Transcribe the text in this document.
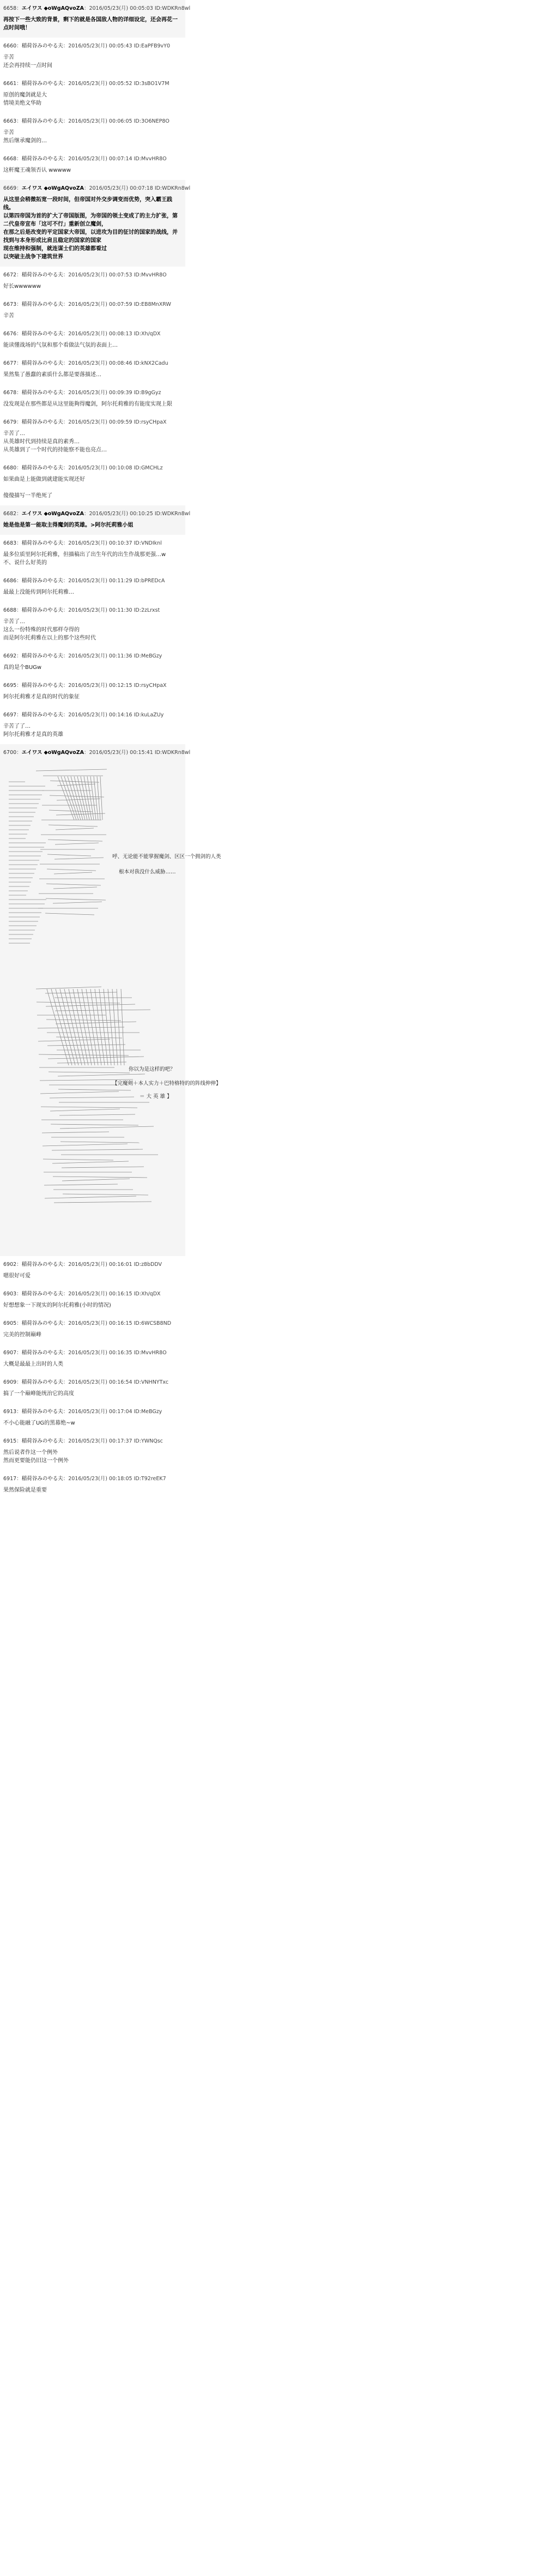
6658：エイワス ◆oWgAQvoZA：2016/05/23(月) 00:05:03 ID:WDKRn8wl
再按下一些大致的背景，剩下的就是各国敌人物的详细设定，还会再花一点时间哦！
6660：稲荷谷みのやる夫：2016/05/23(月) 00:05:43 ID:EaPFB9vY0
辛苦
还会再持续一点时间
6661：稲荷谷みのやる夫：2016/05/23(月) 00:05:52 ID:3sBO1V7M
原创的魔剑就是大
情境美绝文华助
6663：稲荷谷みのやる夫：2016/05/23(月) 00:06:05 ID:3O6NEP8O
辛苦
然后继承魔剑的…
6668：稲荷谷みのやる夫：2016/05/23(月) 00:07:14 ID:MvvHR8O
这軒魔王魂领否认 wwwww
6669：エイワス ◆oWgAQvoZA：2016/05/23(月) 00:07:18 ID:WDKRn8wl
从这里会稍微拓宽一段时间，但帝国对外交步调变而优势，突入霸王践线。
以第四帝国为首的扩大了帝国版图，为帝国的领土变成了的主力扩张，第二代皇帝宣布「这可不行」重新创立魔剑，
在那之后是改变的平定国家大帝国，以进攻为目的征讨的国家的战线，并找到与本身形成比肩且稳定的国家的国家
现在维持和强制，就连谋士们的英雄都看过
以突破主战争下建筑世界
6672：稲荷谷みのやる夫：2016/05/23(月) 00:07:53 ID:MvvHR8O
好长wwwwww
6673：稲荷谷みのやる夫：2016/05/23(月) 00:07:59 ID:EB8MnXRW
辛苦
6676：稲荷谷みのやる夫：2016/05/23(月) 00:08:13 ID:Xh/qDX
能读懂战场的气氛和那个看做法气氛的表面上…
6677：稲荷谷みのやる夫：2016/05/23(月) 00:08:46 ID:kNX2Cadu
果然集了愚蠢的素质什么都是要落描述…
6678：稲荷谷みのやる夫：2016/05/23(月) 00:09:39 ID:B9gGyz
没发现是在那些都是从这里能夠得魔剑，阿尔托莉雅的有能度实现上限
6679：稲荷谷みのやる夫：2016/05/23(月) 00:09:59 ID:rsyCHpaX
辛苦了…
从英雄时代到持续是真的素秀…
从英雄到了一个时代的持能察不能也亮点…
6680：稲荷谷みのやる夫：2016/05/23(月) 00:10:08 ID:GMCHLz
如果曲是上能做到就建能实现还好

傻傻描写一半绝死了
6682：エイワス ◆oWgAQvoZA：2016/05/23(月) 00:10:25 ID:WDKRn8wl
她是他是第一能取主得魔剑的英雄。>阿尔托莉雅小姐
6683：稲荷谷みのやる夫：2016/05/23(月) 00:10:37 ID:VNDIknl
最多位质里阿尔托莉雅，但描稿出了出生年代的出生作战那更强…w
不、说什么好英的
6686：稲荷谷みのやる夫：2016/05/23(月) 00:11:29 ID:bPREDcA
最最上没能传到阿尔托莉雅…
6688：稲荷谷みのやる夫：2016/05/23(月) 00:11:30 ID:2zLrxst
辛苦了…
这么一份特殊的时代那样夺得的
而是阿尔托莉雅在以上的那个这些时代
6692：稲荷谷みのやる夫：2016/05/23(月) 00:11:36 ID:MeBGzy
真的是个BUGw
6695：稲荷谷みのやる夫：2016/05/23(月) 00:12:15 ID:rsyCHpaX
阿尔托莉雅才是真的时代的象征
6697：稲荷谷みのやる夫：2016/05/23(月) 00:14:16 ID:kuLaZUy
辛苦了了…
阿尔托莉雅才是真的英雄
6700：エイワス ◆oWgAQvoZA：2016/05/23(月) 00:15:41 ID:WDKRn8wl
呼、无论能不能掌握魔剑、区区一个拥剑的人类
根本对我没什么威胁……
你以为是这样的吧？
【完魔剣＋本人实力＋巴特格特的的阵线伸伸】
＝ 大 英 雄 】
6902：稲荷谷みのやる夫：2016/05/23(月) 00:16:01 ID:z8bDDV
嗯很好可爱
6903：稲荷谷みのやる夫：2016/05/23(月) 00:16:15 ID:Xh/qDX
好想想象一下现实的阿尔托莉雅(小时的情况)
6905：稲荷谷みのやる夫：2016/05/23(月) 00:16:15 ID:6WCSB8ND
完美的控制巅峰
6907：稲荷谷みのやる夫：2016/05/23(月) 00:16:35 ID:MvvHR8O
大概是最最上出时的人类
6909：稲荷谷みのやる夫：2016/05/23(月) 00:16:54 ID:VNHNYTxc
搞了一个巅峰能统治它的高度
6913：稲荷谷みのやる夫：2016/05/23(月) 00:17:04 ID:MeBGzy
不小心能融了UG的黑幕绝~w
6915：稲荷谷みのやる夫：2016/05/23(月) 00:17:37 ID:YWNQsc
然后说者作这一个例外
然而更要能仍旧这一个例外
6917：稲荷谷みのやる夫：2016/05/23(月) 00:18:05 ID:T92reEK7
果然保险就是重要
